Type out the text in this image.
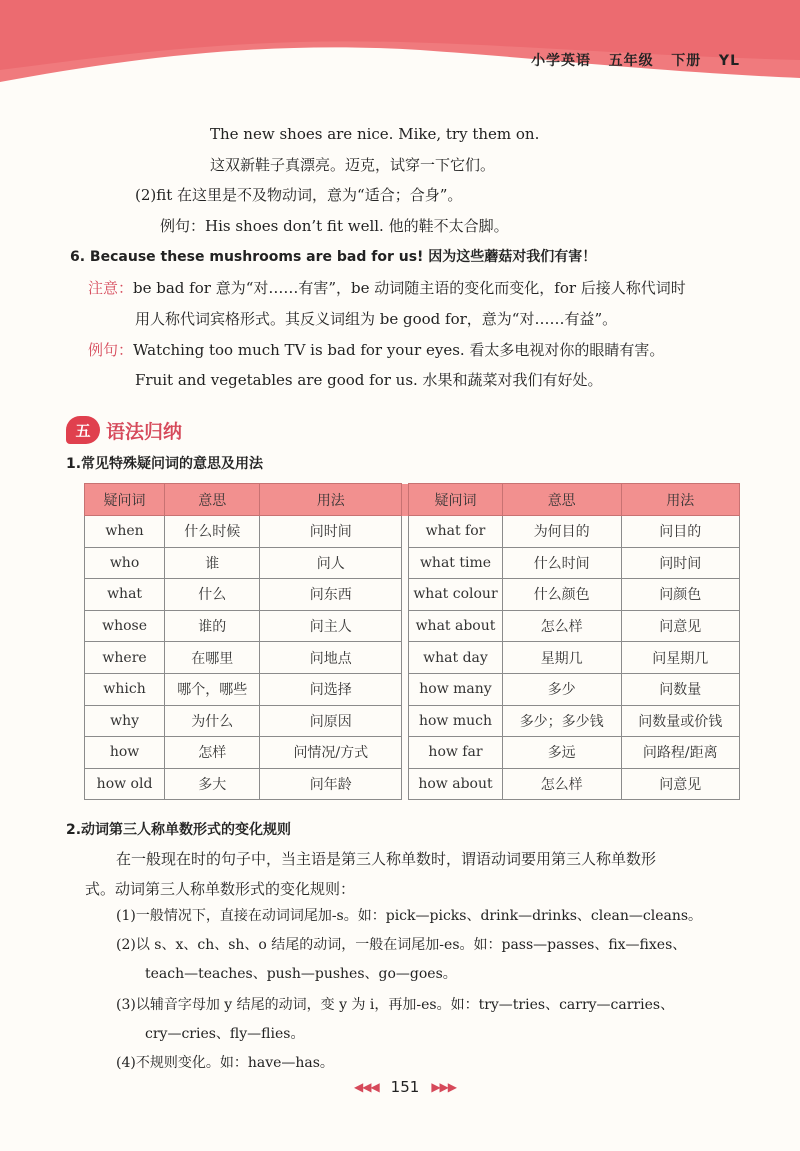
小学英语   五年级   下册   YL
The new shoes are nice. Mike, try them on.
这双新鞋子真漂亮。迈克，试穿一下它们。
(2)fit 在这里是不及物动词，意为“适合；合身”。
例句：His shoes don’t fit well. 他的鞋不太合脚。
6. Because these mushrooms are bad for us! 因为这些蘑菇对我们有害！
注意：be bad for 意为“对……有害”，be 动词随主语的变化而变化，for 后接人称代词时
用人称代词宾格形式。其反义词组为 be good for，意为“对……有益”。
例句：Watching too much TV is bad for your eyes. 看太多电视对你的眼睛有害。
Fruit and vegetables are good for us. 水果和蔬菜对我们有好处。
五 语法归纳
1.常见特殊疑问词的意思及用法
疑问词	意思	用法		疑问词	意思	用法
when	什么时候	问时间		what for	为何目的	问目的
who	谁	问人		what time	什么时间	问时间
what	什么	问东西		what colour	什么颜色	问颜色
whose	谁的	问主人		what about	怎么样	问意见
where	在哪里	问地点		what day	星期几	问星期几
which	哪个，哪些	问选择		how many	多少	问数量
why	为什么	问原因		how much	多少；多少钱	问数量或价钱
how	怎样	问情况/方式		how far	多远	问路程/距离
how old	多大	问年龄		how about	怎么样	问意见
2.动词第三人称单数形式的变化规则
在一般现在时的句子中，当主语是第三人称单数时，谓语动词要用第三人称单数形
式。动词第三人称单数形式的变化规则：
(1)一般情况下，直接在动词词尾加-s。如：pick—picks、drink—drinks、clean—cleans。
(2)以 s、x、ch、sh、o 结尾的动词，一般在词尾加-es。如：pass—passes、fix—fixes、
teach—teaches、push—pushes、go—goes。
(3)以辅音字母加 y 结尾的动词，变 y 为 i，再加-es。如：try—tries、carry—carries、
cry—cries、fly—flies。
(4)不规则变化。如：have—has。
◀◀◀ 151 ▶▶▶
